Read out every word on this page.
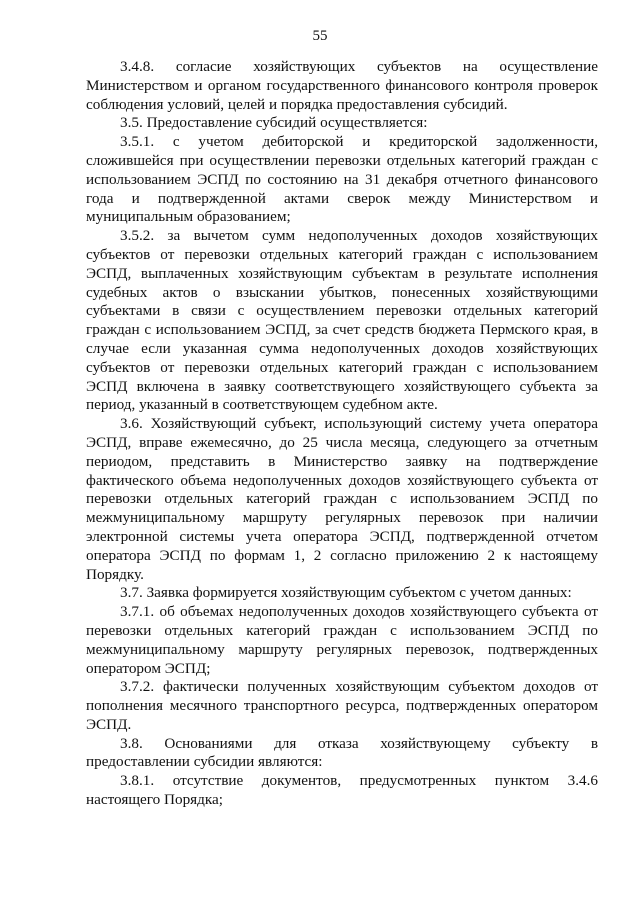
55

3.4.8. согласие хозяйствующих субъектов на осуществление Министерством и органом государственного финансового контроля проверок соблюдения условий, целей и порядка предоставления субсидий.

3.5. Предоставление субсидий осуществляется:

3.5.1. с учетом дебиторской и кредиторской задолженности, сложившейся при осуществлении перевозки отдельных категорий граждан с использованием ЭСПД по состоянию на 31 декабря отчетного финансового года и подтвержденной актами сверок между Министерством и муниципальным образованием;

3.5.2. за вычетом сумм недополученных доходов хозяйствующих субъектов от перевозки отдельных категорий граждан с использованием ЭСПД, выплаченных хозяйствующим субъектам в результате исполнения судебных актов о взыскании убытков, понесенных хозяйствующими субъектами в связи с осуществлением перевозки отдельных категорий граждан с использованием ЭСПД, за счет средств бюджета Пермского края, в случае если указанная сумма недополученных доходов хозяйствующих субъектов от перевозки отдельных категорий граждан с использованием ЭСПД включена в заявку соответствующего хозяйствующего субъекта за период, указанный в соответствующем судебном акте.

3.6. Хозяйствующий субъект, использующий систему учета оператора ЭСПД, вправе ежемесячно, до 25 числа месяца, следующего за отчетным периодом, представить в Министерство заявку на подтверждение фактического объема недополученных доходов хозяйствующего субъекта от перевозки отдельных категорий граждан с использованием ЭСПД по межмуниципальному маршруту регулярных перевозок при наличии электронной системы учета оператора ЭСПД, подтвержденной отчетом оператора ЭСПД по формам 1, 2 согласно приложению 2 к настоящему Порядку.

3.7. Заявка формируется хозяйствующим субъектом с учетом данных:

3.7.1. об объемах недополученных доходов хозяйствующего субъекта от перевозки отдельных категорий граждан с использованием ЭСПД по межмуниципальному маршруту регулярных перевозок, подтвержденных оператором ЭСПД;

3.7.2. фактически полученных хозяйствующим субъектом доходов от пополнения месячного транспортного ресурса, подтвержденных оператором ЭСПД.

3.8. Основаниями для отказа хозяйствующему субъекту в предоставлении субсидии являются:

3.8.1. отсутствие документов, предусмотренных пунктом 3.4.6 настоящего Порядка;
